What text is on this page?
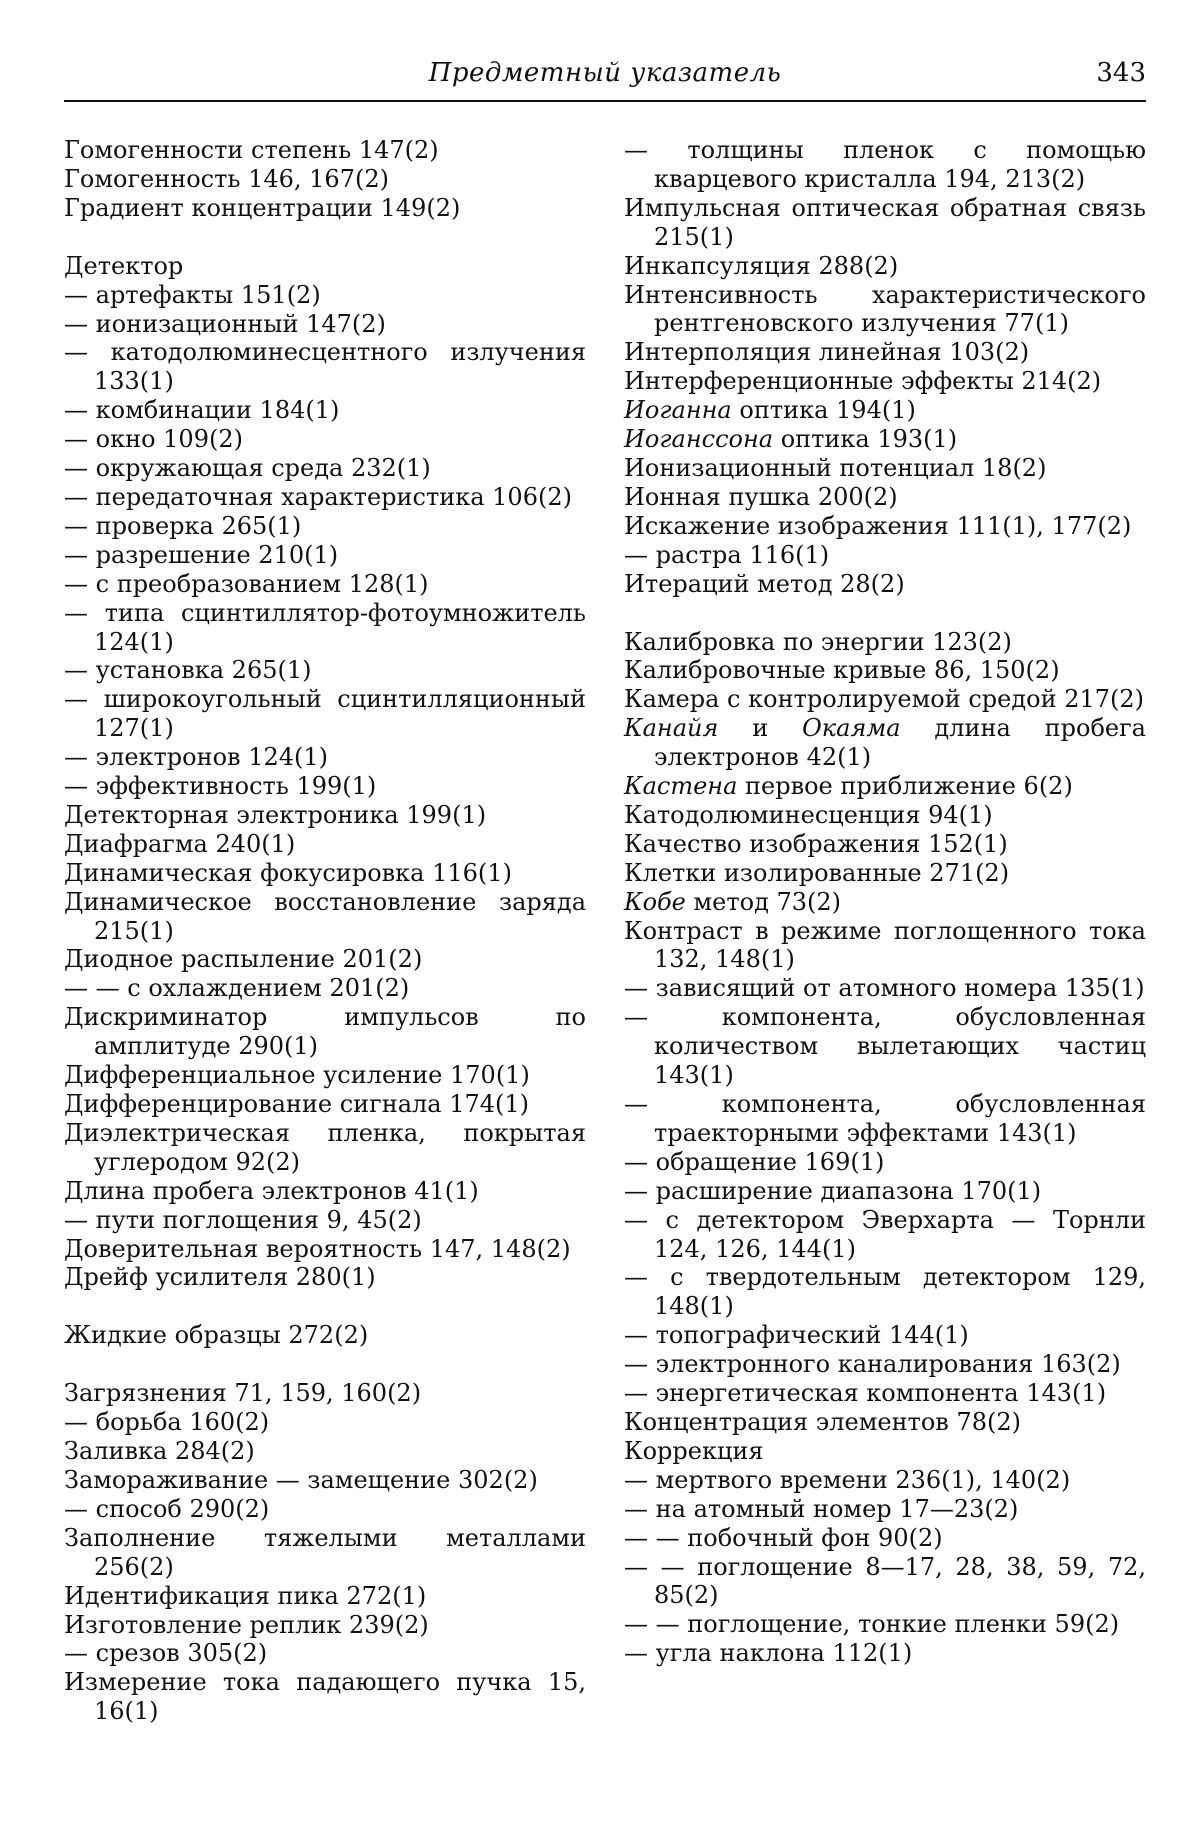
Предметный указатель	343
Гомогенности степень 147(2)
Гомогенность 146, 167(2)
Градиент концентрации 149(2)
Детектор
— артефакты 151(2)
— ионизационный 147(2)
— катодолюминесцентного излучения 133(1)
— комбинации 184(1)
— окно 109(2)
— окружающая среда 232(1)
— передаточная характеристика 106(2)
— проверка 265(1)
— разрешение 210(1)
— с преобразованием 128(1)
— типа сцинтиллятор-фотоумножитель 124(1)
— установка 265(1)
— широкоугольный сцинтилляционный 127(1)
— электронов 124(1)
— эффективность 199(1)
Детекторная электроника 199(1)
Диафрагма 240(1)
Динамическая фокусировка 116(1)
Динамическое восстановление заряда 215(1)
Диодное распыление 201(2)
— — с охлаждением 201(2)
Дискриминатор импульсов по амплитуде 290(1)
Дифференциальное усиление 170(1)
Дифференцирование сигнала 174(1)
Диэлектрическая пленка, покрытая углеродом 92(2)
Длина пробега электронов 41(1)
— пути поглощения 9, 45(2)
Доверительная вероятность 147, 148(2)
Дрейф усилителя 280(1)
Жидкие образцы 272(2)
Загрязнения 71, 159, 160(2)
— борьба 160(2)
Заливка 284(2)
Замораживание — замещение 302(2)
— способ 290(2)
Заполнение тяжелыми металлами 256(2)
Идентификация пика 272(1)
Изготовление реплик 239(2)
— срезов 305(2)
Измерение тока падающего пучка 15, 16(1)
— толщины пленок с помощью кварцевого кристалла 194, 213(2)
Импульсная оптическая обратная связь 215(1)
Инкапсуляция 288(2)
Интенсивность характеристического рентгеновского излучения 77(1)
Интерполяция линейная 103(2)
Интерференционные эффекты 214(2)
Иоганна оптика 194(1)
Иоганссона оптика 193(1)
Ионизационный потенциал 18(2)
Ионная пушка 200(2)
Искажение изображения 111(1), 177(2)
— растра 116(1)
Итераций метод 28(2)
Калибровка по энергии 123(2)
Калибровочные кривые 86, 150(2)
Камера с контролируемой средой 217(2)
Канайя и Окаяма длина пробега электронов 42(1)
Кастена первое приближение 6(2)
Катодолюминесценция 94(1)
Качество изображения 152(1)
Клетки изолированные 271(2)
Кобе метод 73(2)
Контраст в режиме поглощенного тока 132, 148(1)
— зависящий от атомного номера 135(1)
— компонента, обусловленная количеством вылетающих частиц 143(1)
— компонента, обусловленная траекторными эффектами 143(1)
— обращение 169(1)
— расширение диапазона 170(1)
— с детектором Эверхарта — Торнли 124, 126, 144(1)
— с твердотельным детектором 129, 148(1)
— топографический 144(1)
— электронного каналирования 163(2)
— энергетическая компонента 143(1)
Концентрация элементов 78(2)
Коррекция
— мертвого времени 236(1), 140(2)
— на атомный номер 17—23(2)
— — побочный фон 90(2)
— — поглощение 8—17, 28, 38, 59, 72, 85(2)
— — поглощение, тонкие пленки 59(2)
— угла наклона 112(1)
